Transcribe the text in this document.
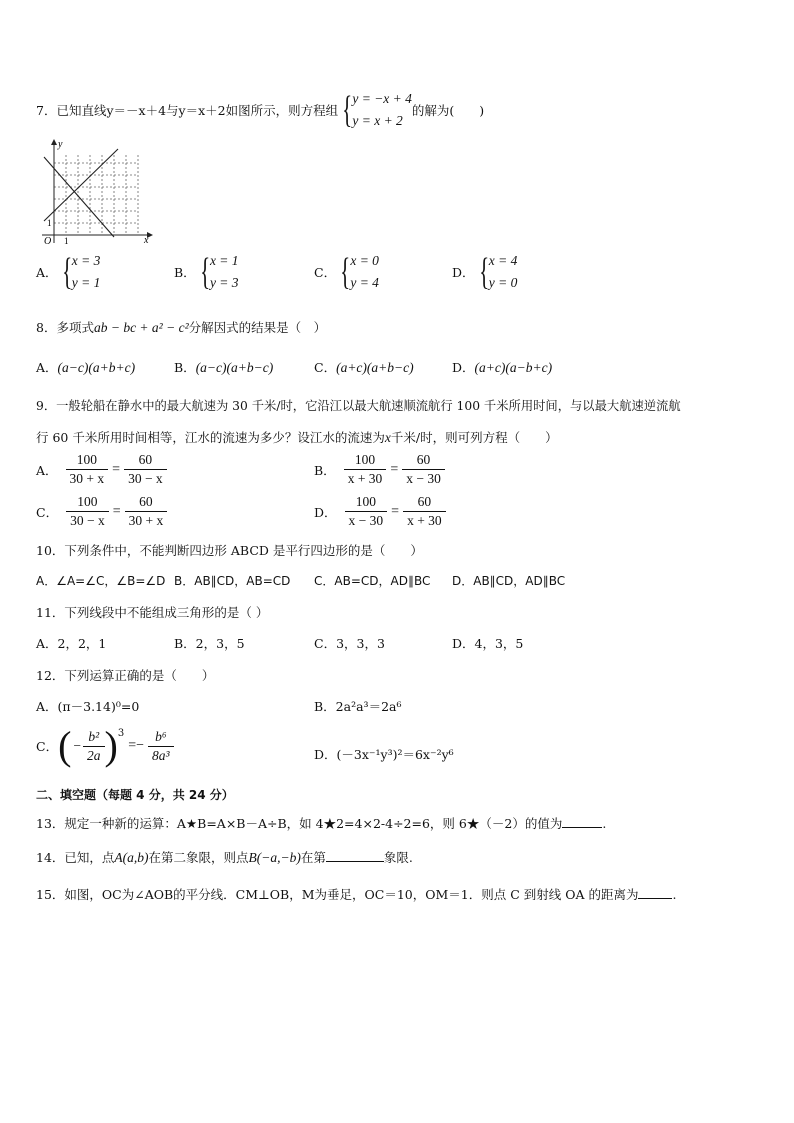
7．已知直线y＝－x＋4与y＝x＋2如图所示，则方程组 { y = −x + 4
y = x + 2
的解为(　　)
y
x
O 1
1
A． { x = 3
y = 1
B． { x = 1
y = 3
C． { x = 0
y = 4
D． { x = 4
y = 0
8．多项式ab − bc + a² − c²分解因式的结果是（　）
A．(a−c)(a+b+c)	B．(a−c)(a+b−c)	C．(a+c)(a+b−c)	D．(a+c)(a−b+c)
9．一般轮船在静水中的最大航速为 30 千米/时，它沿江以最大航速顺流航行 100 千米所用时间，与以最大航速逆流航
行 60 千米所用时间相等，江水的流速为多少？设江水的流速为x千米/时，则可列方程（　　）
A． $\frac{100}{30 + x} = \frac{60}{30 - x}$	B． $\frac{100}{x + 30} = \frac{60}{x - 30}$
C． $\frac{100}{30 - x} = \frac{60}{30 + x}$	D． $\frac{100}{x - 30} = \frac{60}{x + 30}$
10．下列条件中，不能判断四边形 ABCD 是平行四边形的是（　　）
A．∠A=∠C，∠B=∠D B．AB∥CD，AB=CD C．AB=CD，AD∥BC D．AB∥CD，AD∥BC
11．下列线段中不能组成三角形的是（ ）
A．2，2，1	B．2，3，5	C．3，3，3	D．4，3，5
12．下列运算正确的是（　　）
A．(π－3.14)⁰=0	B．2a²a³＝2a⁶
C． ( − $\frac{\text{b²}}{2a}$ ) 3
=− $\frac{\text{b⁶}}{\text{8a³}}$	D．(－3x⁻¹y³)²＝6x⁻²y⁶
二、填空题（每题 4 分，共 24 分）
13．规定一种新的运算：A★B=A×B－A÷B，如 4★2=4×2-4÷2=6，则 6★（－2）的值为	.
14．已知，点A(a,b)在第二象限，则点B(−a,−b)在第	象限.
15．如图，OC为∠AOB的平分线．CM⊥OB，M为垂足，OC＝10，OM＝1．则点 C 到射线 OA 的距离为	.
